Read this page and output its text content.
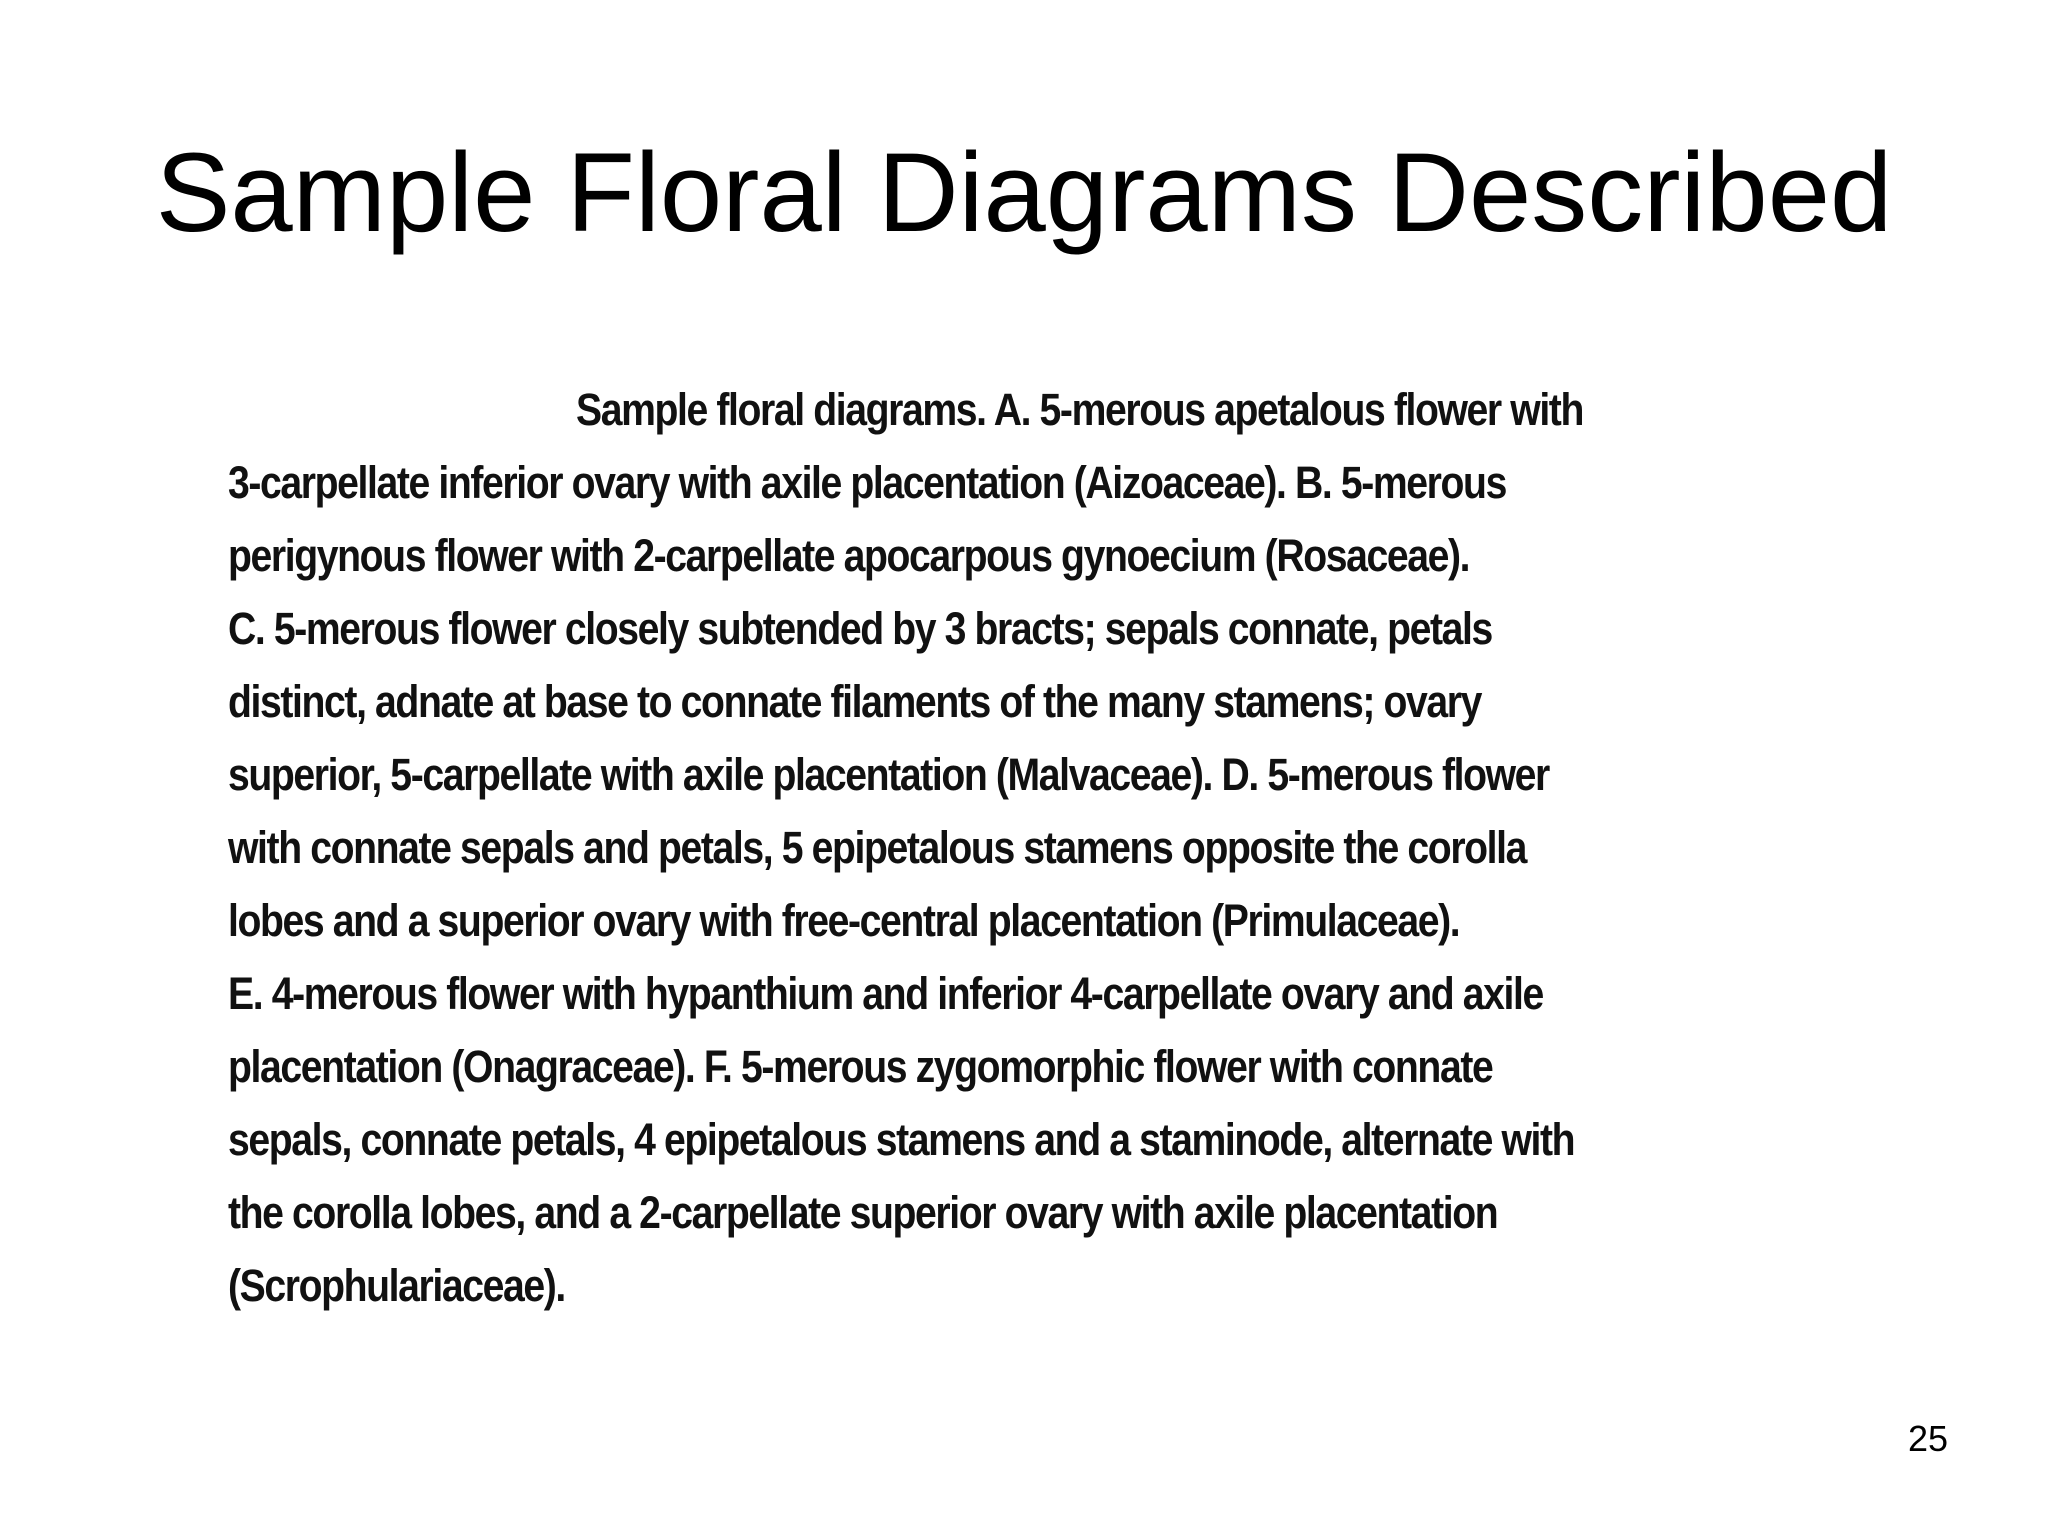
Sample Floral Diagrams Described
Sample floral diagrams. A. 5-merous apetalous flower with
3-carpellate inferior ovary with axile placentation (Aizoaceae). B. 5-merous
perigynous flower with 2-carpellate apocarpous gynoecium (Rosaceae).
C. 5-merous flower closely subtended by 3 bracts; sepals connate, petals
distinct, adnate at base to connate filaments of the many stamens; ovary
superior, 5-carpellate with axile placentation (Malvaceae). D. 5-merous flower
with connate sepals and petals, 5 epipetalous stamens opposite the corolla
lobes and a superior ovary with free-central placentation (Primulaceae).
E. 4-merous flower with hypanthium and inferior 4-carpellate ovary and axile
placentation (Onagraceae). F. 5-merous zygomorphic flower with connate
sepals, connate petals, 4 epipetalous stamens and a staminode, alternate with
the corolla lobes, and a 2-carpellate superior ovary with axile placentation
(Scrophulariaceae).
25
